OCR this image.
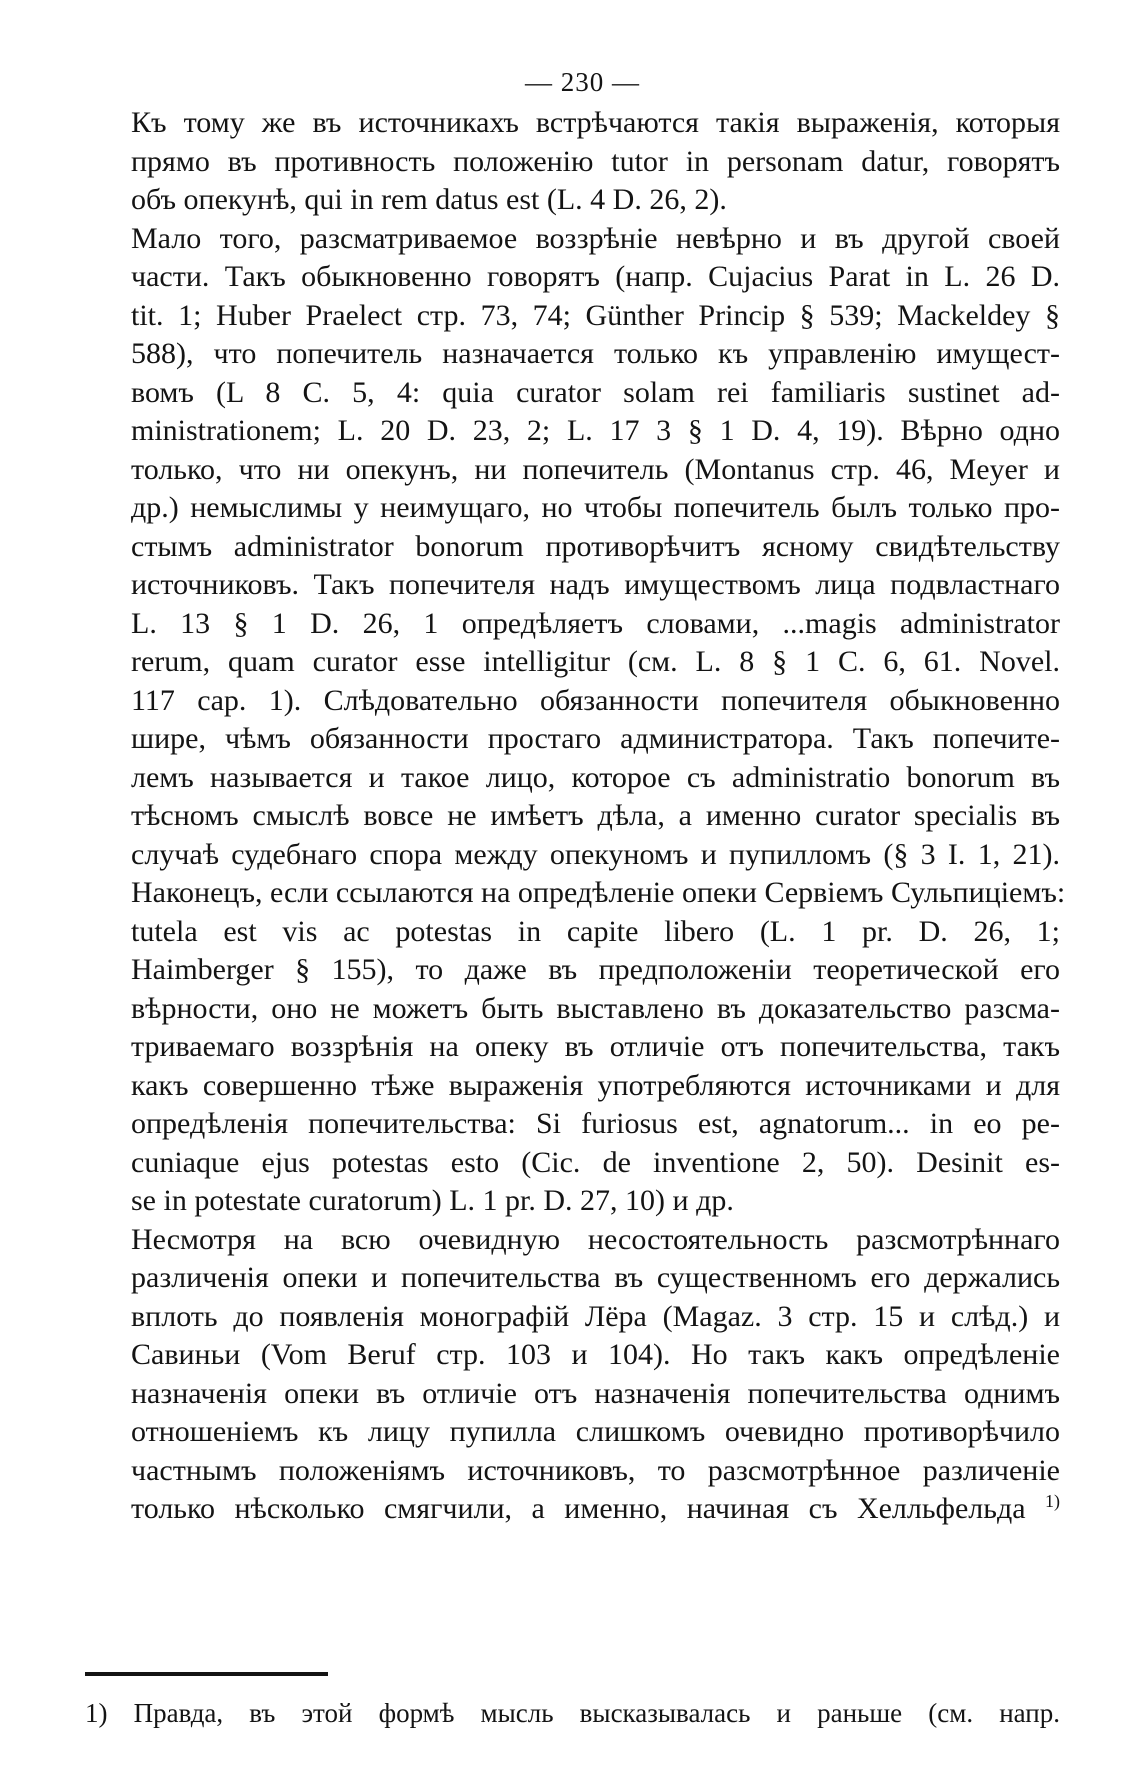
— 230 —
Къ тому же въ источникахъ встрѣчаются такія выраженія, которыя
прямо въ противность положенію tutor in personam datur, говорятъ
объ опекунѣ, qui in rem datus est (L. 4 D. 26, 2).
Мало того, разсматриваемое воззрѣніе невѣрно и въ другой своей
части. Такъ обыкновенно говорятъ (напр. Cujacius Parat in L. 26 D.
tit. 1; Huber Praelect стр. 73, 74; Günther Princip § 539; Mackeldey §
588), что попечитель назначается только къ управленію имущест-
вомъ (L 8 C. 5, 4: quia curator solam rei familiaris sustinet ad-
ministrationem; L. 20 D. 23, 2; L. 17 3 § 1 D. 4, 19). Вѣрно одно
только, что ни опекунъ, ни попечитель (Montanus стр. 46, Meyer и
др.) немыслимы у неимущаго, но чтобы попечитель былъ только про-
стымъ administrator bonorum противорѣчитъ ясному свидѣтельству
источниковъ. Такъ попечителя надъ имуществомъ лица подвластнаго
L. 13 § 1 D. 26, 1 опредѣляетъ словами, ...magis administrator
rerum, quam curator esse intelligitur (см. L. 8 § 1 C. 6, 61. Novel.
117 cap. 1). Слѣдовательно обязанности попечителя обыкновенно
шире, чѣмъ обязанности простаго администратора. Такъ попечите-
лемъ называется и такое лицо, которое съ administratio bonorum въ
тѣсномъ смыслѣ вовсе не имѣетъ дѣла, а именно curator specialis въ
случаѣ судебнаго спора между опекуномъ и пупилломъ (§ 3 I. 1, 21).
Наконецъ, если ссылаются на опредѣленіе опеки Сервіемъ Сульпиціемъ:
tutela est vis ac potestas in capite libero (L. 1 pr. D. 26, 1;
Haimberger § 155), то даже въ предположеніи теоретической его
вѣрности, оно не можетъ быть выставлено въ доказательство разсма-
триваемаго воззрѣнія на опеку въ отличіе отъ попечительства, такъ
какъ совершенно тѣже выраженія употребляются источниками и для
опредѣленія попечительства: Si furiosus est, agnatorum... in eo pe-
cuniaque ejus potestas esto (Cic. de inventione 2, 50). Desinit es-
se in potestate curatorum) L. 1 pr. D. 27, 10) и др.
Несмотря на всю очевидную несостоятельность разсмотрѣннаго
различенія опеки и попечительства въ существенномъ его держались
вплоть до появленія монографій Лёра (Magaz. 3 стр. 15 и слѣд.) и
Савиньи (Vom Beruf стр. 103 и 104). Но такъ какъ опредѣленіе
назначенія опеки въ отличіе отъ назначенія попечительства однимъ
отношеніемъ къ лицу пупилла слишкомъ очевидно противорѣчило
частнымъ положеніямъ источниковъ, то разсмотрѣнное различеніе
только нѣсколько смягчили, а именно, начиная съ Хелльфельда $^{1)}$
1) Правда, въ этой формѣ мысль высказывалась и раньше (см. напр.
